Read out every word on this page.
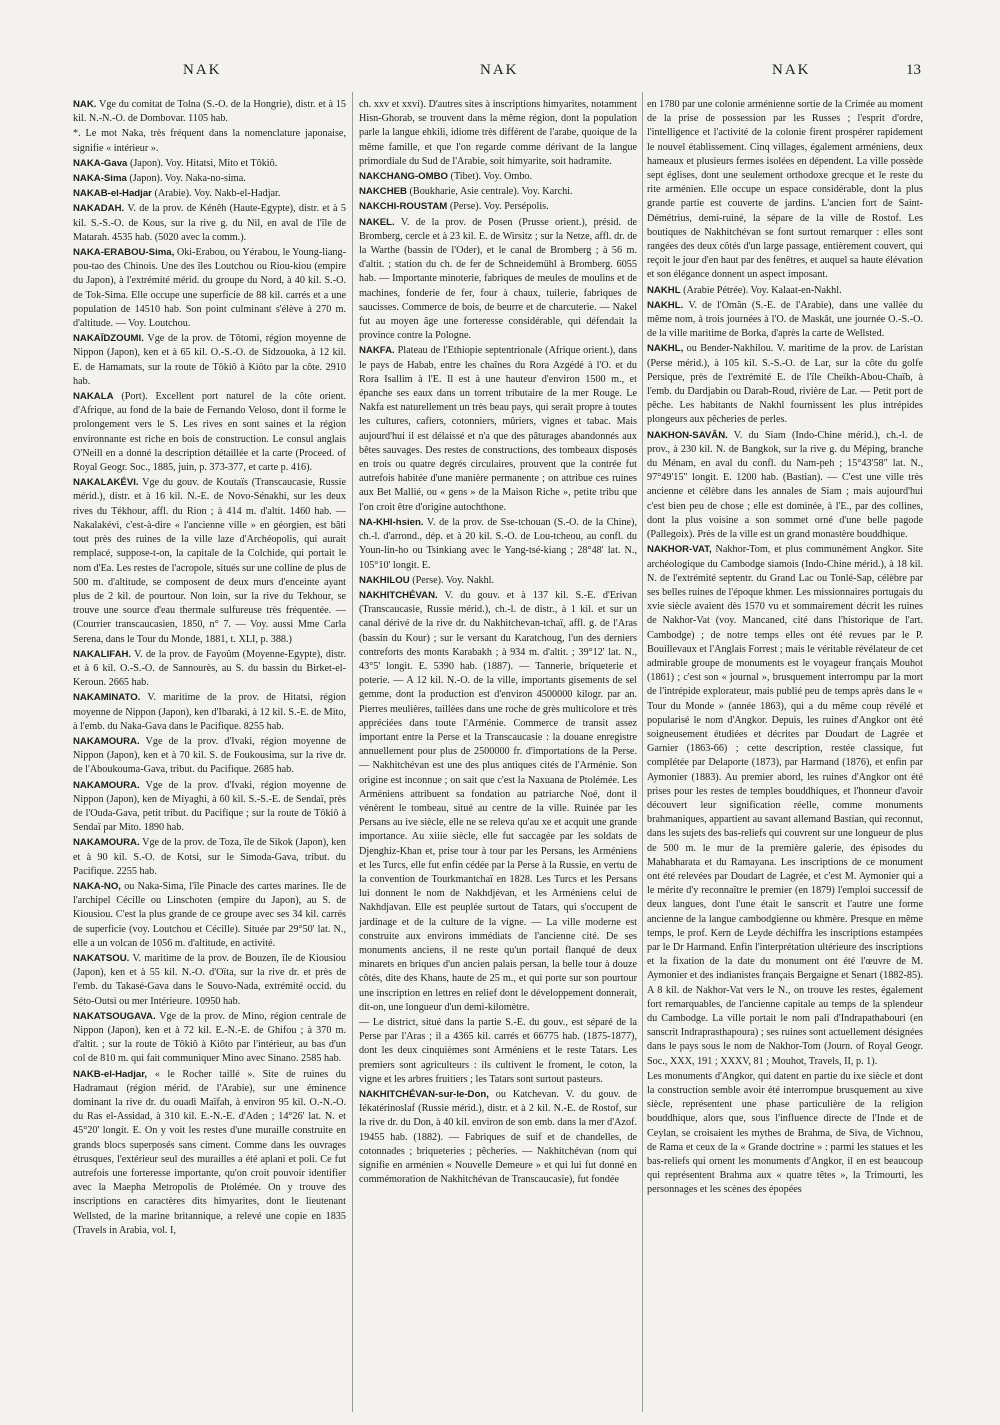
NAK	NAK	NAK	13

NAK. Vge du comitat de Tolna (S.-O. de la Hongrie), distr. et à 15 kil. N.-N.-O. de Dombovar. 1105 hab.

*. Le mot Naka, très fréquent dans la nomenclature japonaise, signifie « intérieur ».

NAKA-Gava (Japon). Voy. Hitatsi, Mito et Tôkiô.

NAKA-Sima (Japon). Voy. Naka-no-sima.

NAKAB-el-Hadjar (Arabie). Voy. Nakb-el-Hadjar.

NAKADAH. V. de la prov. de Kénêh (Haute-Egypte), distr. et à 5 kil. S.-S.-O. de Kous, sur la rive g. du Nil, en aval de l'île de Matarah. 4535 hab. (5020 avec la comm.).

NAKA-ERABOU-Sima, Oki-Erabou, ou Yérabou, le Young-liang-pou-tao des Chinois. Une des îles Loutchou ou Riou-kiou (empire du Japon), à l'extrémité mérid. du groupe du Nord, à 40 kil. S.-O. de Tok-Sima. Elle occupe une superficie de 88 kil. carrés et a une population de 14510 hab. Son point culminant s'élève à 270 m. d'altitude. — Voy. Loutchou.

NAKAÏDZOUMI. Vge de la prov. de Tôtomi, région moyenne de Nippon (Japon), ken et à 65 kil. O.-S.-O. de Sidzouoka, à 12 kil. E. de Hamamats, sur la route de Tôkiô à Kiôto par la côte. 2910 hab.

NAKALA (Port). Excellent port naturel de la côte orient. d'Afrique, au fond de la baie de Fernando Veloso, dont il forme le prolongement vers le S. Les rives en sont saines et la région environnante est riche en bois de construction. Le consul anglais O'Neill en a donné la description détaillée et la carte (Proceed. of Royal Geogr. Soc., 1885, juin, p. 373-377, et carte p. 416).

NAKALAKÉVI. Vge du gouv. de Koutaïs (Transcaucasie, Russie mérid.), distr. et à 16 kil. N.-E. de Novo-Sénakhi, sur les deux rives du Tékhour, affl. du Rion ; à 414 m. d'altit. 1460 hab. — Nakalakévi, c'est-à-dire « l'ancienne ville » en géorgien, est bâti tout près des ruines de la ville laze d'Archéopolis, qui aurait remplacé, suppose-t-on, la capitale de la Colchide, qui portait le nom d'Ea. Les restes de l'acropole, situés sur une colline de plus de 500 m. d'altitude, se composent de deux murs d'enceinte ayant plus de 2 kil. de pourtour. Non loin, sur la rive du Tekhour, se trouve une source d'eau thermale sulfureuse très fréquentée. — (Courrier transcaucasien, 1850, n° 7. — Voy. aussi Mme Carla Serena, dans le Tour du Monde, 1881, t. XLI, p. 388.)

NAKALIFAH. V. de la prov. de Fayoûm (Moyenne-Egypte), distr. et à 6 kil. O.-S.-O. de Sannourès, au S. du bassin du Birket-el-Keroun. 2665 hab.

NAKAMINATO. V. maritime de la prov. de Hitatsi, région moyenne de Nippon (Japon), ken d'Ibaraki, à 12 kil. S.-E. de Mito, à l'emb. du Naka-Gava dans le Pacifique. 8255 hab.

NAKAMOURA. Vge de la prov. d'Ivaki, région moyenne de Nippon (Japon), ken et à 70 kil. S. de Foukousima, sur la rive dr. de l'Aboukouma-Gava, tribut. du Pacifique. 2685 hab.

NAKAMOURA. Vge de la prov. d'Ivaki, région moyenne de Nippon (Japon), ken de Miyaghi, à 60 kil. S.-S.-E. de Sendaï, près de l'Ouda-Gava, petit tribut. du Pacifique ; sur la route de Tôkiô à Sendaï par Mito. 1890 hab.

NAKAMOURA. Vge de la prov. de Toza, île de Sikok (Japon), ken et à 90 kil. S.-O. de Kotsi, sur le Simoda-Gava, tribut. du Pacifique. 2255 hab.

NAKA-NO, ou Naka-Sima, l'île Pinacle des cartes marines. Ile de l'archipel Cécille ou Linschoten (empire du Japon), au S. de Kiousiou. C'est la plus grande de ce groupe avec ses 34 kil. carrés de superficie (voy. Loutchou et Cécille). Située par 29°50' lat. N., elle a un volcan de 1056 m. d'altitude, en activité.

NAKATSOU. V. maritime de la prov. de Bouzen, île de Kiousiou (Japon), ken et à 55 kil. N.-O. d'Oïta, sur la rive dr. et près de l'emb. du Takasé-Gava dans le Souvo-Nada, extrémité occid. du Séto-Outsi ou mer Intérieure. 10950 hab.

NAKATSOUGAVA. Vge de la prov. de Mino, région centrale de Nippon (Japon), ken et à 72 kil. E.-N.-E. de Ghifou ; à 370 m. d'altit. ; sur la route de Tôkiô à Kiôto par l'intérieur, au bas d'un col de 810 m. qui fait communiquer Mino avec Sinano. 2585 hab.

NAKB-el-Hadjar, « le Rocher taillé ». Site de ruines du Hadramaut (région mérid. de l'Arabie), sur une éminence dominant la rive dr. du ouadi Maïfah, à environ 95 kil. O.-N.-O. du Ras el-Assidad, à 310 kil. E.-N.-E. d'Aden ; 14°26' lat. N. et 45°20' longit. E. On y voit les restes d'une muraille construite en grands blocs superposés sans ciment. Comme dans les ouvrages étrusques, l'extérieur seul des murailles a été aplani et poli. Ce fut autrefois une forteresse importante, qu'on croit pouvoir identifier avec la Maepha Metropolis de Ptolémée. On y trouve des inscriptions en caractères dits himyarites, dont le lieutenant Wellsted, de la marine britannique, a relevé une copie en 1835 (Travels in Arabia, vol. I,

ch. xxv et xxvi). D'autres sites à inscriptions himyarites, notamment Hisn-Ghorab, se trouvent dans la même région, dont la population parle la langue ehkili, idiome très différent de l'arabe, quoique de la même famille, et que l'on regarde comme dérivant de la langue primordiale du Sud de l'Arabie, soit himyarite, soit hadramite.

NAKCHANG-OMBO (Tibet). Voy. Ombo.

NAKCHEB (Boukharie, Asie centrale). Voy. Karchi.

NAKCHI-ROUSTAM (Perse). Voy. Persépolis.

NAKEL. V. de la prov. de Posen (Prusse orient.), présid. de Bromberg, cercle et à 23 kil. E. de Wirsitz ; sur la Netze, affl. dr. de la Warthe (bassin de l'Oder), et le canal de Bromberg ; à 56 m. d'altit. ; station du ch. de fer de Schneidemühl à Bromberg. 6055 hab. — Importante minoterie, fabriques de meules de moulins et de machines, fonderie de fer, four à chaux, tuilerie, fabriques de saucisses. Commerce de bois, de beurre et de charcuterie. — Nakel fut au moyen âge une forteresse considérable, qui défendait la province contre la Pologne.

NAKFA. Plateau de l'Ethiopie septentrionale (Afrique orient.), dans le pays de Habab, entre les chaînes du Rora Azgédé à l'O. et du Rora Isallim à l'E. Il est à une hauteur d'environ 1500 m., et épanche ses eaux dans un torrent tributaire de la mer Rouge. Le Nakfa est naturellement un très beau pays, qui serait propre à toutes les cultures, cafiers, cotonniers, mûriers, vignes et tabac. Mais aujourd'hui il est délaissé et n'a que des pâturages abandonnés aux bêtes sauvages. Des restes de constructions, des tombeaux disposés en trois ou quatre degrés circulaires, prouvent que la contrée fut autrefois habitée d'une manière permanente ; on attribue ces ruines aux Bet Mallié, ou « gens » de la Maison Riche », petite tribu que l'on croit être d'origine autochthone.

NA-KHI-hsien. V. de la prov. de Sse-tchouan (S.-O. de la Chine), ch.-l. d'arrond., dép. et à 20 kil. S.-O. de Lou-tcheou, au confl. du Youn-lin-ho ou Tsinkiang avec le Yang-tsé-kiang ; 28°48' lat. N., 105°10' longit. E.

NAKHILOU (Perse). Voy. Nakhl.

NAKHITCHÉVAN. V. du gouv. et à 137 kil. S.-E. d'Erivan (Transcaucasie, Russie mérid.), ch.-l. de distr., à 1 kil. et sur un canal dérivé de la rive dr. du Nakhitchevan-tchaï, affl. g. de l'Aras (bassin du Kour) ; sur le versant du Karatchoug, l'un des derniers contreforts des monts Karabakh ; à 934 m. d'altit. ; 39°12' lat. N., 43°5' longit. E. 5390 hab. (1887). — Tannerie, briqueterie et poterie. — A 12 kil. N.-O. de la ville, importants gisements de sel gemme, dont la production est d'environ 4500000 kilogr. par an. Pierres meulières, taillées dans une roche de grès multicolore et très appréciées dans toute l'Arménie. Commerce de transit assez important entre la Perse et la Transcaucasie : la douane enregistre annuellement pour plus de 2500000 fr. d'importations de la Perse. — Nakhitchévan est une des plus antiques cités de l'Arménie. Son origine est inconnue ; on sait que c'est la Naxuana de Ptolémée. Les Arméniens attribuent sa fondation au patriarche Noé, dont il vénèrent le tombeau, situé au centre de la ville. Ruinée par les Persans au ive siècle, elle ne se releva qu'au xe et acquit une grande importance. Au xiiie siècle, elle fut saccagée par les soldats de Djenghiz-Khan et, prise tour à tour par les Persans, les Arméniens et les Turcs, elle fut enfin cédée par la Perse à la Russie, en vertu de la convention de Tourkmantchaï en 1828. Les Turcs et les Persans lui donnent le nom de Nakhdjévan, et les Arméniens celui de Nakhdjavan. Elle est peuplée surtout de Tatars, qui s'occupent de jardinage et de la culture de la vigne. — La ville moderne est construite aux environs immédiats de l'ancienne cité. De ses monuments anciens, il ne reste qu'un portail flanqué de deux minarets en briques d'un ancien palais persan, la belle tour à douze côtés, dite des Khans, haute de 25 m., et qui porte sur son pourtour une inscription en lettres en relief dont le développement donnerait, dit-on, une longueur d'un demi-kilomètre.

— Le district, situé dans la partie S.-E. du gouv., est séparé de la Perse par l'Aras ; il a 4365 kil. carrés et 66775 hab. (1875-1877), dont les deux cinquièmes sont Arméniens et le reste Tatars. Les premiers sont agriculteurs : ils cultivent le froment, le coton, la vigne et les arbres fruitiers ; les Tatars sont surtout pasteurs.

NAKHITCHÉVAN-sur-le-Don, ou Katchevan. V. du gouv. de Iékatérinoslaf (Russie mérid.), distr. et à 2 kil. N.-E. de Rostof, sur la rive dr. du Don, à 40 kil. environ de son emb. dans la mer d'Azof. 19455 hab. (1882). — Fabriques de suif et de chandelles, de cotonnades ; briqueteries ; pêcheries. — Nakhitchévan (nom qui signifie en arménien « Nouvelle Demeure » et qui lui fut donné en commémoration de Nakhitchévan de Transcaucasie), fut fondée

en 1780 par une colonie arménienne sortie de la Crimée au moment de la prise de possession par les Russes ; l'esprit d'ordre, l'intelligence et l'activité de la colonie firent prospérer rapidement le nouvel établissement. Cinq villages, également arméniens, deux hameaux et plusieurs fermes isolées en dépendent. La ville possède sept églises, dont une seulement orthodoxe grecque et le reste du rite arménien. Elle occupe un espace considérable, dont la plus grande partie est couverte de jardins. L'ancien fort de Saint-Démétrius, demi-ruiné, la sépare de la ville de Rostof. Les boutiques de Nakhitchévan se font surtout remarquer : elles sont rangées des deux côtés d'un large passage, entièrement couvert, qui reçoit le jour d'en haut par des fenêtres, et auquel sa haute élévation et son élégance donnent un aspect imposant.

NAKHL (Arabie Pétrée). Voy. Kalaat-en-Nakhl.

NAKHL. V. de l'Omân (S.-E. de l'Arabie), dans une vallée du même nom, à trois journées à l'O. de Maskât, une journée O.-S.-O. de la ville maritime de Borka, d'après la carte de Wellsted.

NAKHL, ou Bender-Nakhilou. V. maritime de la prov. de Laristan (Perse mérid.), à 105 kil. S.-S.-O. de Lar, sur la côte du golfe Persique, près de l'extrémité E. de l'île Cheïkh-Abou-Chaïb, à l'emb. du Dardjabin ou Darab-Roud, rivière de Lar. — Petit port de pêche. Les habitants de Nakhl fournissent les plus intrépides plongeurs aux pêcheries de perles.

NAKHON-SAVÂN. V. du Siam (Indo-Chine mérid.), ch.-l. de prov., à 230 kil. N. de Bangkok, sur la rive g. du Méping, branche du Ménam, en aval du confl. du Nam-peh ; 15°43'58" lat. N., 97°49'15" longit. E. 1200 hab. (Bastian). — C'est une ville très ancienne et célèbre dans les annales de Siam ; mais aujourd'hui c'est bien peu de chose ; elle est dominée, à l'E., par des collines, dont la plus voisine a son sommet orné d'une belle pagode (Pallegoix). Près de la ville est un grand monastère bouddhique.

NAKHOR-VAT, Nakhor-Tom, et plus communément Angkor. Site archéologique du Cambodge siamois (Indo-Chine mérid.), à 18 kil. N. de l'extrémité septentr. du Grand Lac ou Tonlé-Sap, célèbre par ses belles ruines de l'époque khmer. Les missionnaires portugais du xvie siècle avaient dès 1570 vu et sommairement décrit les ruines de Nakhor-Vat (voy. Mancaned, cité dans l'historique de l'art. Cambodge) ; de notre temps elles ont été revues par le P. Bouillevaux et l'Anglais Forrest ; mais le véritable révélateur de cet admirable groupe de monuments est le voyageur français Mouhot (1861) ; c'est son « journal », brusquement interrompu par la mort de l'intrépide explorateur, mais publié peu de temps après dans le « Tour du Monde » (année 1863), qui a du même coup révélé et popularisé le nom d'Angkor. Depuis, les ruines d'Angkor ont été soigneusement étudiées et décrites par Doudart de Lagrée et Garnier (1863-66) ; cette description, restée classique, fut complétée par Delaporte (1873), par Harmand (1876), et enfin par Aymonier (1883). Au premier abord, les ruines d'Angkor ont été prises pour les restes de temples bouddhiques, et l'honneur d'avoir découvert leur signification réelle, comme monuments brahmaniques, appartient au savant allemand Bastian, qui reconnut, dans les sujets des bas-reliefs qui couvrent sur une longueur de plus de 500 m. le mur de la première galerie, des épisodes du Mahabharata et du Ramayana. Les inscriptions de ce monument ont été relevées par Doudart de Lagrée, et c'est M. Aymonier qui a le mérite d'y reconnaître le premier (en 1879) l'emploi successif de deux langues, dont l'une était le sanscrit et l'autre une forme ancienne de la langue cambodgienne ou khmère. Presque en même temps, le prof. Kern de Leyde déchiffra les inscriptions estampées par le Dr Harmand. Enfin l'interprétation ultérieure des inscriptions et la fixation de la date du monument ont été l'œuvre de M. Aymonier et des indianistes français Bergaigne et Senart (1882-85). A 8 kil. de Nakhor-Vat vers le N., on trouve les restes, également fort remarquables, de l'ancienne capitale au temps de la splendeur du Cambodge. La ville portait le nom pali d'Indrapathabouri (en sanscrit Indraprasthapoura) ; ses ruines sont actuellement désignées dans le pays sous le nom de Nakhor-Tom (Journ. of Royal Geogr. Soc., XXX, 191 ; XXXV, 81 ; Mouhot, Travels, II, p. 1).

Les monuments d'Angkor, qui datent en partie du ixe siècle et dont la construction semble avoir été interrompue brusquement au xive siècle, représentent une phase particulière de la religion bouddhique, alors que, sous l'influence directe de l'Inde et de Ceylan, se croisaient les mythes de Brahma, de Siva, de Vichnou, de Rama et ceux de la « Grande doctrine » : parmi les statues et les bas-reliefs qui ornent les monuments d'Angkor, il en est beaucoup qui représentent Brahma aux « quatre têtes », la Trimourti, les personnages et les scènes des épopées
